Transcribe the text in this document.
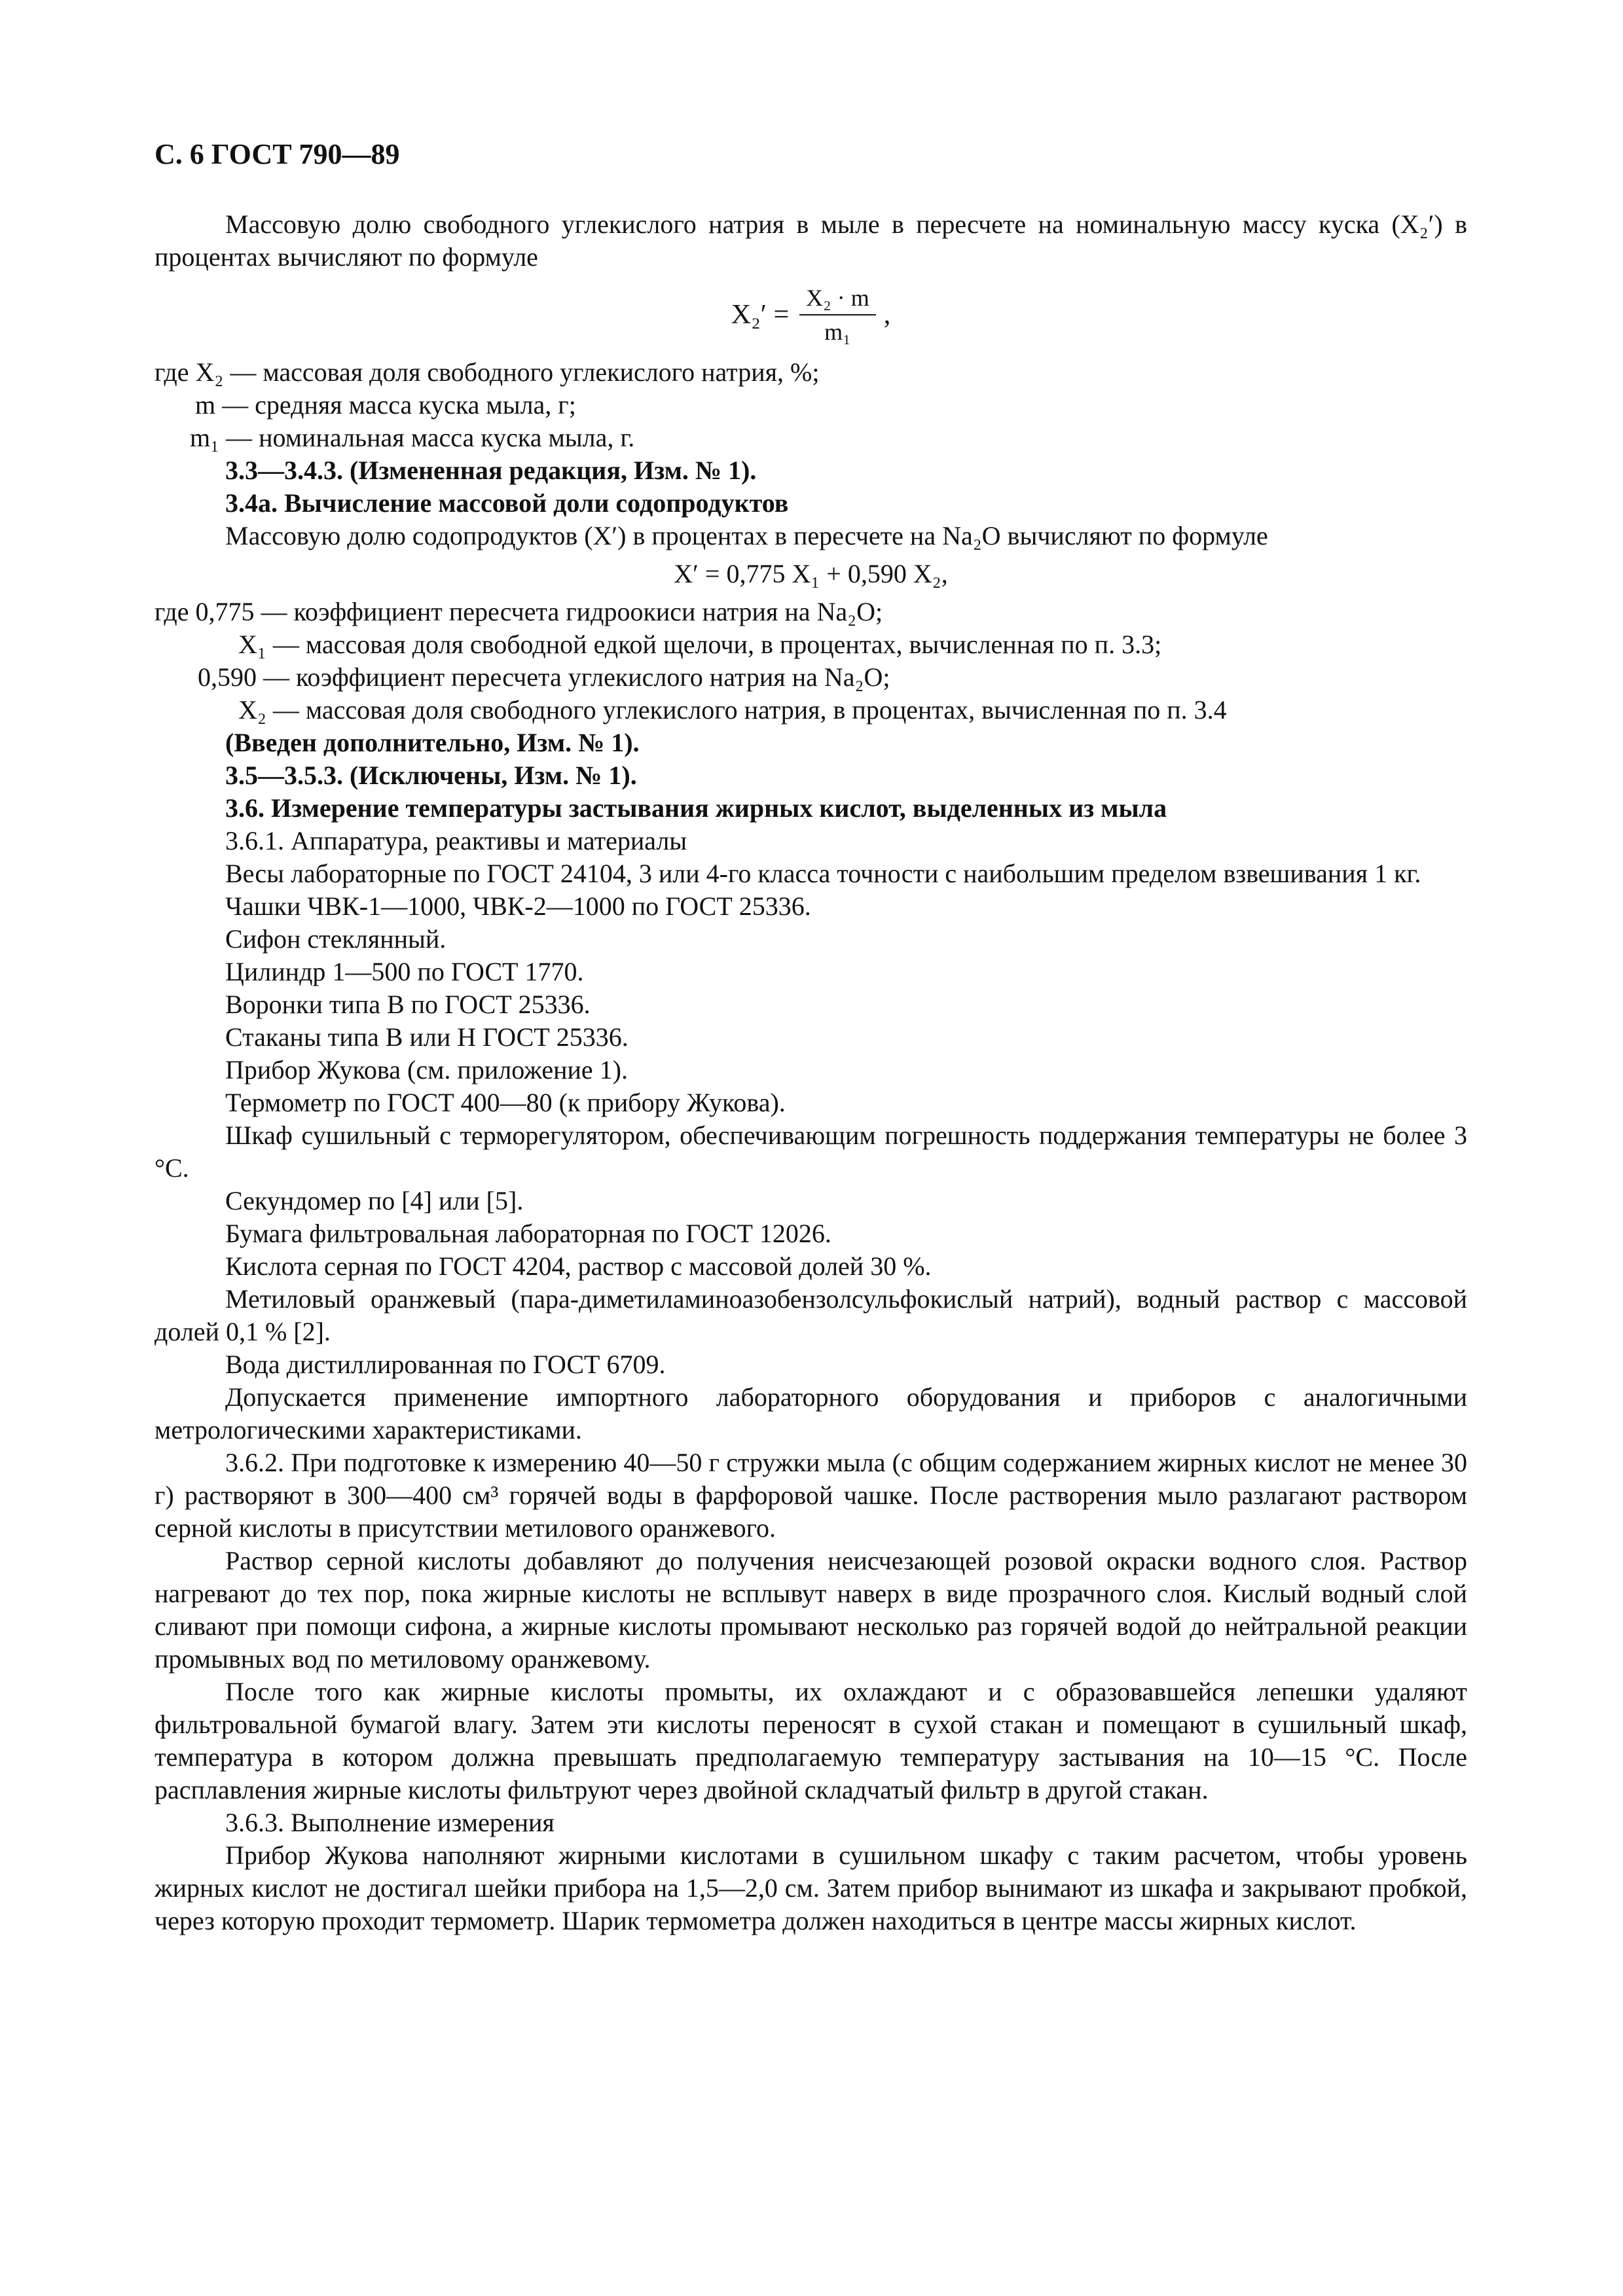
С. 6 ГОСТ 790—89

Массовую долю свободного углекислого натрия в мыле в пересчете на номинальную массу куска (X₂′) в процентах вычисляют по формуле

$X_2' = \frac{\text{X₂ · m}}{\text{m₁}}$ ,
где X₂ — массовая доля свободного углекислого натрия, %;
m — средняя масса куска мыла, г;
m₁ — номинальная масса куска мыла, г.

3.3—3.4.3. (Измененная редакция, Изм. № 1).

3.4а. Вычисление массовой доли содопродуктов

Массовую долю содопродуктов (X′) в процентах в пересчете на Na₂O вычисляют по формуле

X′ = 0,775 X₁ + 0,590 X₂,

где 0,775 — коэффициент пересчета гидроокиси натрия на Na₂O;
X₁ — массовая доля свободной едкой щелочи, в процентах, вычисленная по п. 3.3;
0,590 — коэффициент пересчета углекислого натрия на Na₂O;
X₂ — массовая доля свободного углекислого натрия, в процентах, вычисленная по п. 3.4

(Введен дополнительно, Изм. № 1).

3.5—3.5.3. (Исключены, Изм. № 1).

3.6. Измерение температуры застывания жирных кислот, выделенных из мыла

3.6.1. Аппаратура, реактивы и материалы

Весы лабораторные по ГОСТ 24104, 3 или 4-го класса точности с наибольшим пределом взвешивания 1 кг.

Чашки ЧВК-1—1000, ЧВК-2—1000 по ГОСТ 25336.

Сифон стеклянный.

Цилиндр 1—500 по ГОСТ 1770.

Воронки типа В по ГОСТ 25336.

Стаканы типа В или Н ГОСТ 25336.

Прибор Жукова (см. приложение 1).

Термометр по ГОСТ 400—80 (к прибору Жукова).

Шкаф сушильный с терморегулятором, обеспечивающим погрешность поддержания температуры не более 3 °С.

Секундомер по [4] или [5].

Бумага фильтровальная лабораторная по ГОСТ 12026.

Кислота серная по ГОСТ 4204, раствор с массовой долей 30 %.

Метиловый оранжевый (пара-диметиламиноазобензолсульфокислый натрий), водный раствор с массовой долей 0,1 % [2].

Вода дистиллированная по ГОСТ 6709.

Допускается применение импортного лабораторного оборудования и приборов с аналогичными метрологическими характеристиками.

3.6.2. При подготовке к измерению 40—50 г стружки мыла (с общим содержанием жирных кислот не менее 30 г) растворяют в 300—400 см³ горячей воды в фарфоровой чашке. После растворения мыло разлагают раствором серной кислоты в присутствии метилового оранжевого.

Раствор серной кислоты добавляют до получения неисчезающей розовой окраски водного слоя. Раствор нагревают до тех пор, пока жирные кислоты не всплывут наверх в виде прозрачного слоя. Кислый водный слой сливают при помощи сифона, а жирные кислоты промывают несколько раз горячей водой до нейтральной реакции промывных вод по метиловому оранжевому.

После того как жирные кислоты промыты, их охлаждают и с образовавшейся лепешки удаляют фильтровальной бумагой влагу. Затем эти кислоты переносят в сухой стакан и помещают в сушильный шкаф, температура в котором должна превышать предполагаемую температуру застывания на 10—15 °С. После расплавления жирные кислоты фильтруют через двойной складчатый фильтр в другой стакан.

3.6.3. Выполнение измерения

Прибор Жукова наполняют жирными кислотами в сушильном шкафу с таким расчетом, чтобы уровень жирных кислот не достигал шейки прибора на 1,5—2,0 см. Затем прибор вынимают из шкафа и закрывают пробкой, через которую проходит термометр. Шарик термометра должен находиться в центре массы жирных кислот.
